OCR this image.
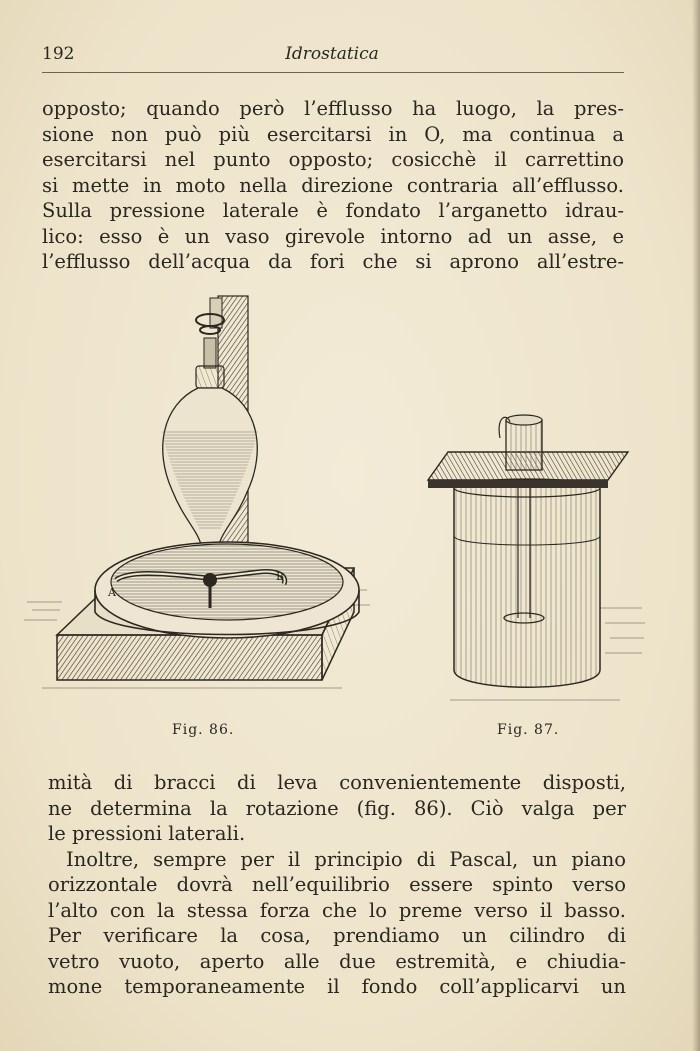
192	Idrostatica
opposto; quando però l’efflusso ha luogo, la pres-
sione non può più esercitarsi in O, ma continua a
esercitarsi nel punto opposto; cosicchè il carrettino
si mette in moto nella direzione contraria all’efflusso.
Sulla pressione laterale è fondato l’arganetto idrau-
lico: esso è un vaso girevole intorno ad un asse, e
l’efflusso dell’acqua da fori che si aprono all’estre-
A
B
Fig. 86.	Fig. 87.
mità di bracci di leva convenientemente disposti,
ne determina la rotazione (fig. 86). Ciò valga per
le pressioni laterali.
Inoltre, sempre per il principio di Pascal, un piano
orizzontale dovrà nell’equilibrio essere spinto verso
l’alto con la stessa forza che lo preme verso il basso.
Per verificare la cosa, prendiamo un cilindro di
vetro vuoto, aperto alle due estremità, e chiudia-
mone temporaneamente il fondo coll’applicarvi un
